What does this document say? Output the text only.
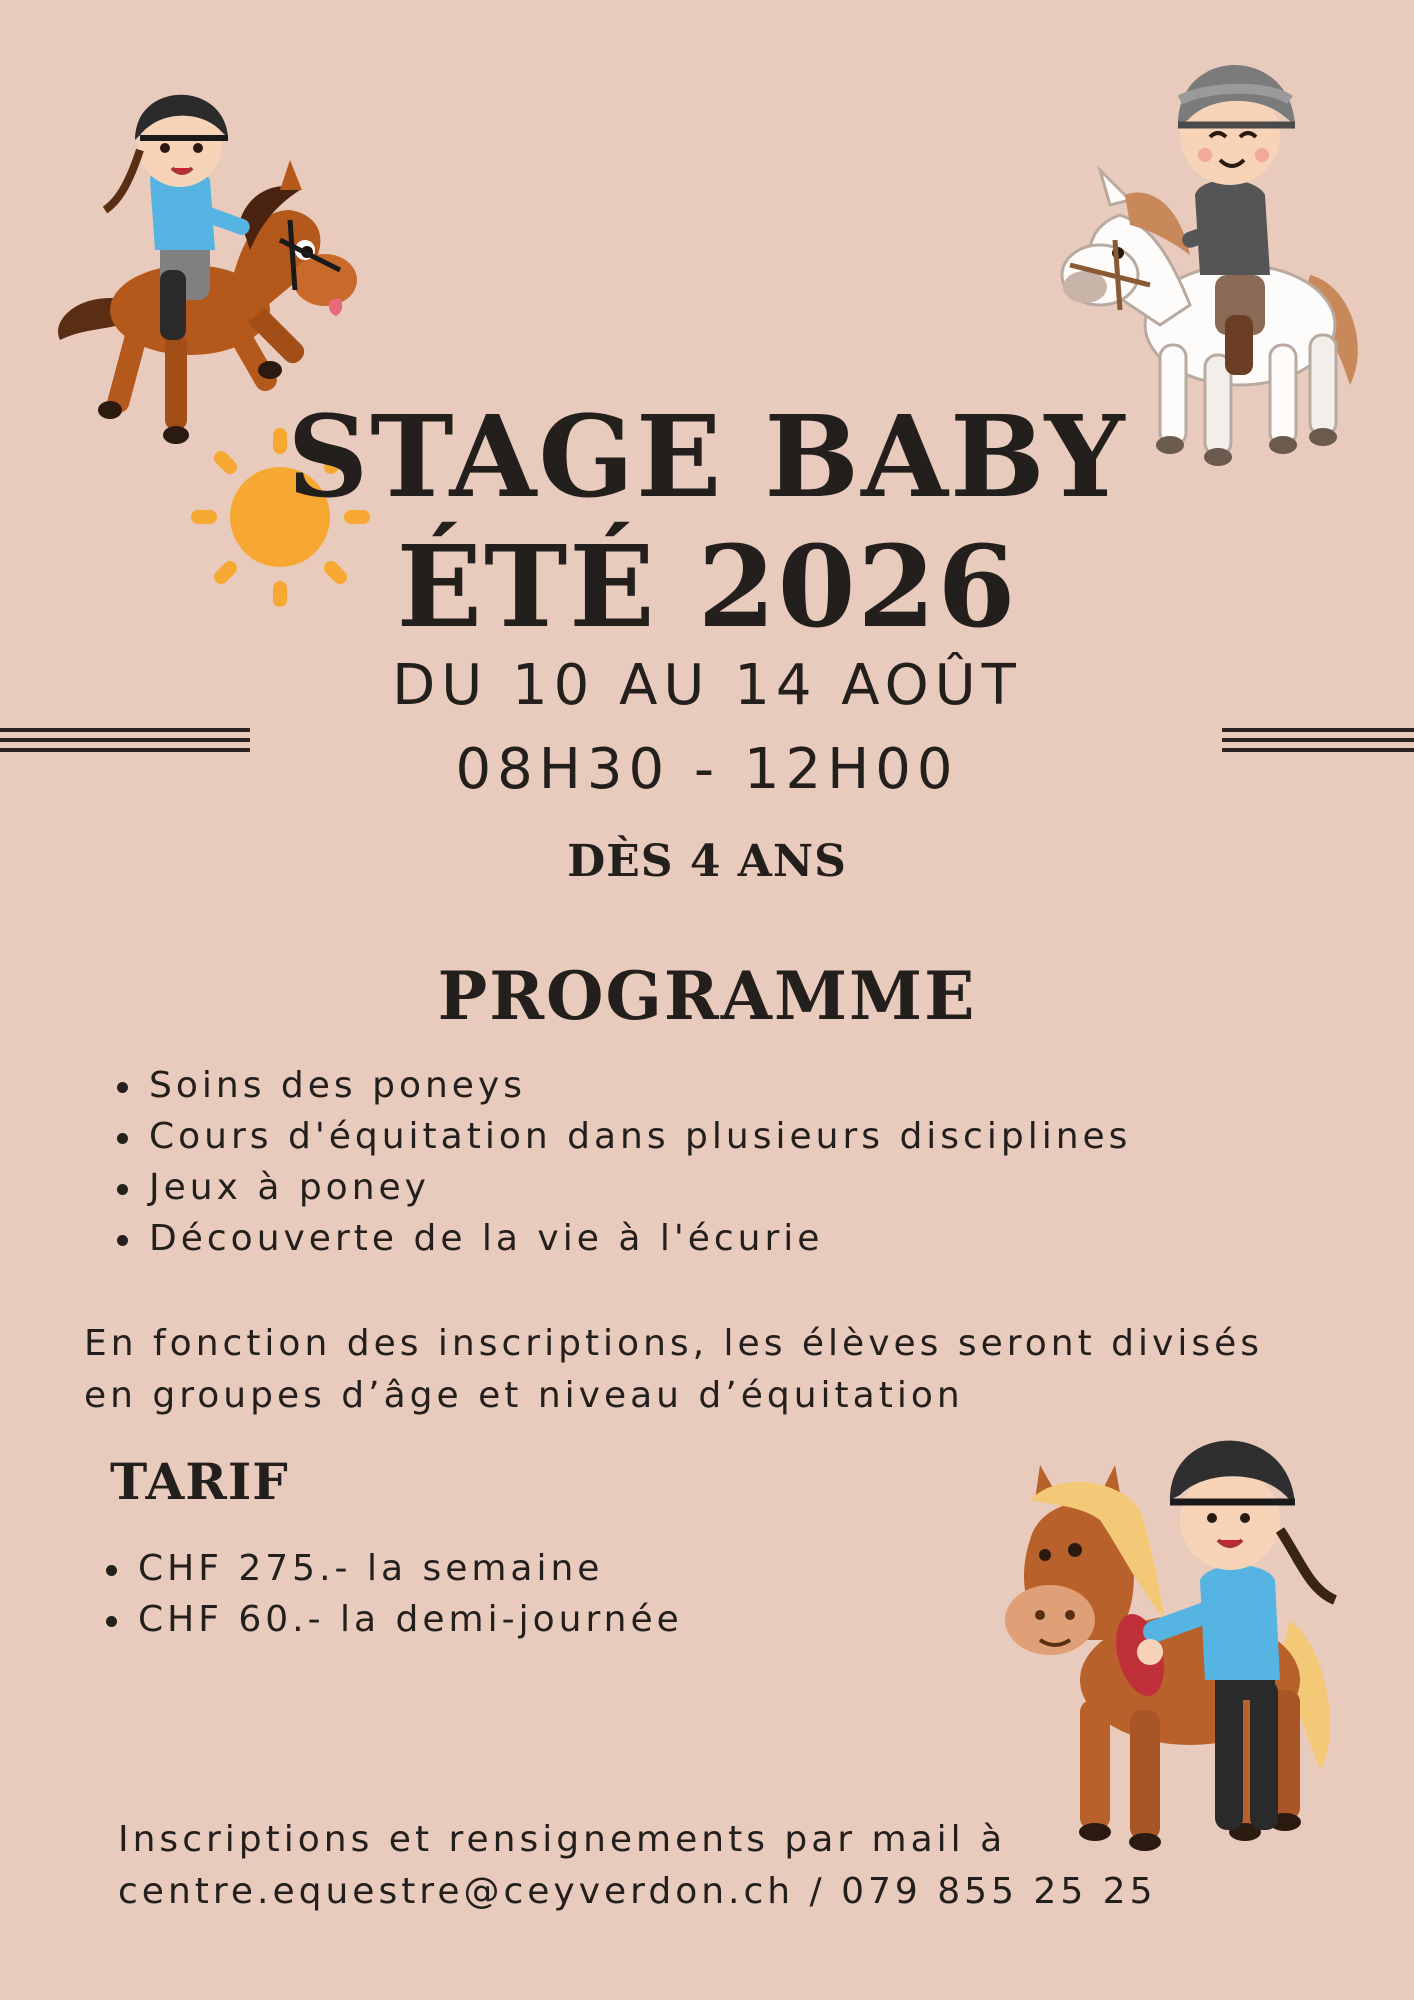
STAGE BABY
ÉTÉ 2026
DU 10 AU 14 AOÛT
08H30 - 12H00
DÈS 4 ANS
PROGRAMME
Soins des poneys
Cours d'équitation dans plusieurs disciplines
Jeux à poney
Découverte de la vie à l'écurie
En fonction des inscriptions, les élèves seront divisés
en groupes d’âge et niveau d’équitation
TARIF
CHF 275.- la semaine
CHF 60.- la demi-journée
Inscriptions et rensignements par mail à
centre.equestre@ceyverdon.ch / 079 855 25 25
